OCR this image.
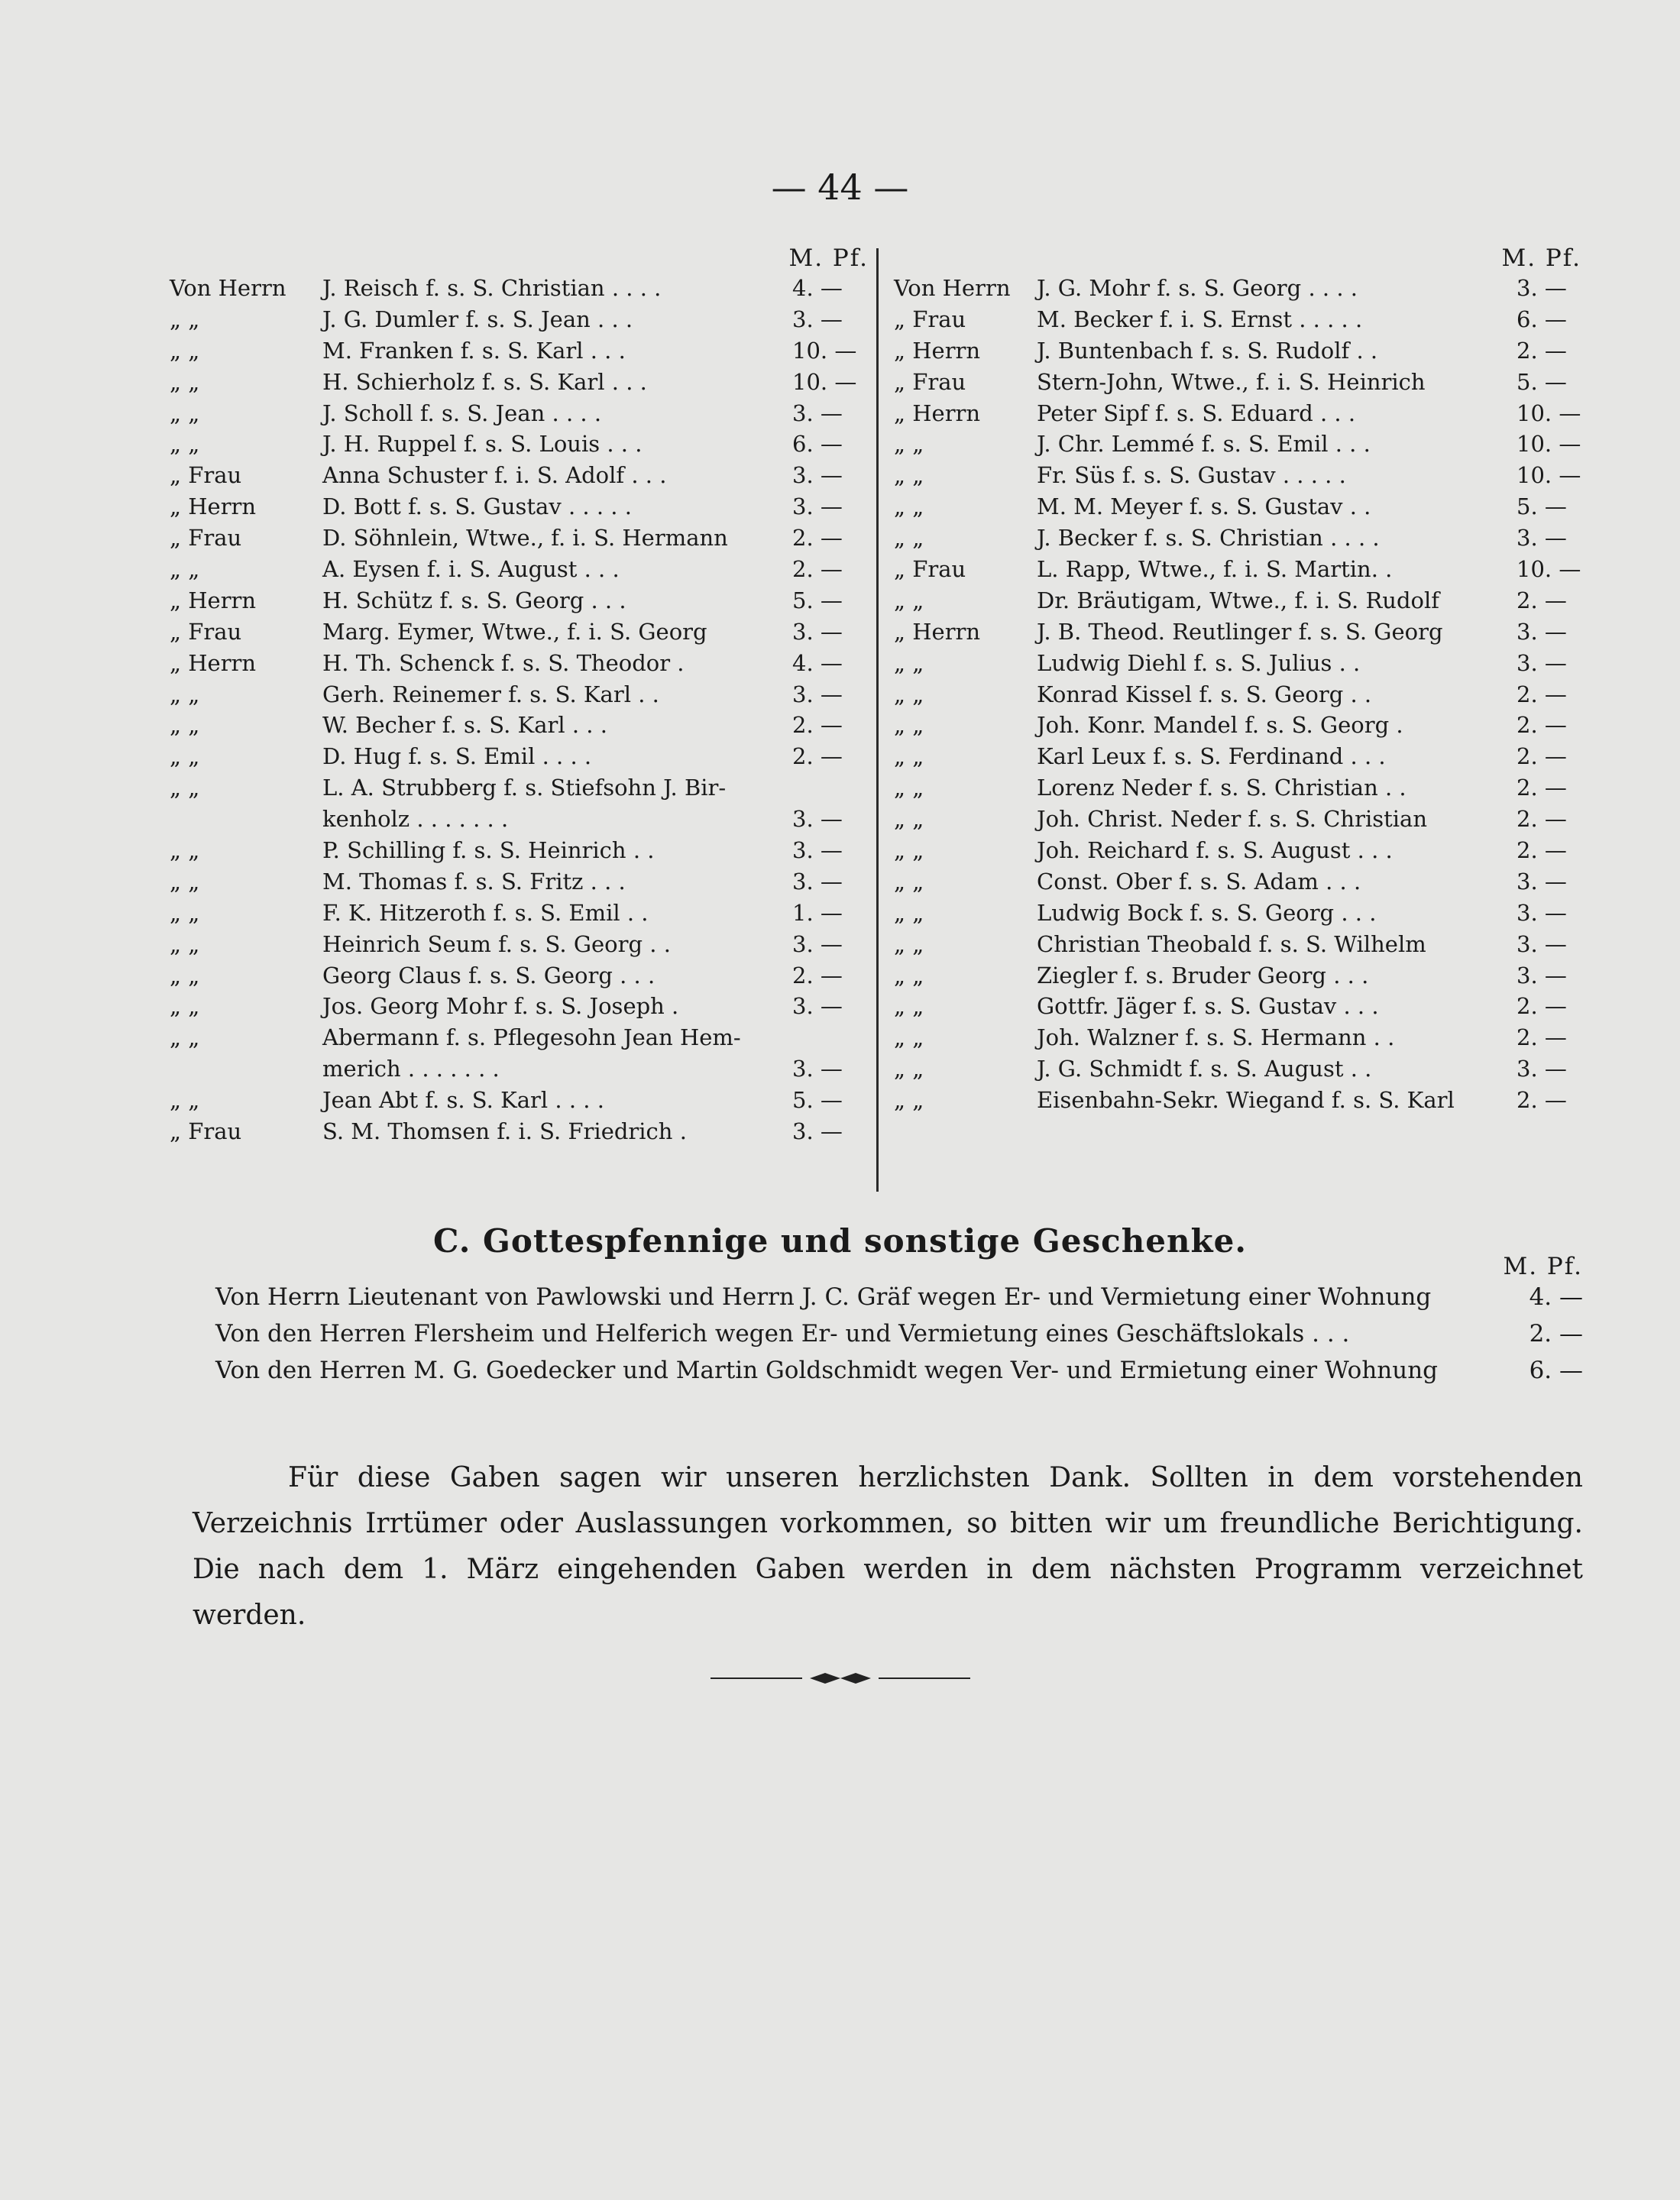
— 44 —
M. Pf.
Von Herrn J. Reisch f. s. S. Christian . . . .	4. —
„ „	J. G. Dumler f. s. S. Jean . . .	3. —
„ „	M. Franken f. s. S. Karl . . .	10. —
„ „	H. Schierholz f. s. S. Karl . . .	10. —
„ „	J. Scholl f. s. S. Jean . . . .	3. —
„ „	J. H. Ruppel f. s. S. Louis . . .	6. —
„ Frau	Anna Schuster f. i. S. Adolf . . .	3. —
„ Herrn	D. Bott f. s. S. Gustav . . . . .	3. —
„ Frau	D. Söhnlein, Wtwe., f. i. S. Hermann	2. —
„ „	A. Eysen f. i. S. August . . .	2. —
„ Herrn	H. Schütz f. s. S. Georg . . .	5. —
„ Frau	Marg. Eymer, Wtwe., f. i. S. Georg	3. —
„ Herrn	H. Th. Schenck f. s. S. Theodor .	4. —
„ „	Gerh. Reinemer f. s. S. Karl . .	3. —
„ „	W. Becher f. s. S. Karl . . .	2. —
„ „	D. Hug f. s. S. Emil . . . .	2. —
„ „	L. A. Strubberg f. s. Stiefsohn J. Bir-
kenholz . . . . . . .	3. —
„ „	P. Schilling f. s. S. Heinrich . .	3. —
„ „	M. Thomas f. s. S. Fritz . . .	3. —
„ „	F. K. Hitzeroth f. s. S. Emil . .	1. —
„ „	Heinrich Seum f. s. S. Georg . .	3. —
„ „	Georg Claus f. s. S. Georg . . .	2. —
„ „	Jos. Georg Mohr f. s. S. Joseph .	3. —
„ „	Abermann f. s. Pflegesohn Jean Hem-
merich . . . . . . .	3. —
„ „	Jean Abt f. s. S. Karl . . . .	5. —
„ Frau	S. M. Thomsen f. i. S. Friedrich .	3. —
M. Pf.
Von Herrn J. G. Mohr f. s. S. Georg . . . .	3. —
„ Frau	M. Becker f. i. S. Ernst . . . . .	6. —
„ Herrn	J. Buntenbach f. s. S. Rudolf . .	2. —
„ Frau	Stern-John, Wtwe., f. i. S. Heinrich	5. —
„ Herrn	Peter Sipf f. s. S. Eduard . . .	10. —
„ „	J. Chr. Lemmé f. s. S. Emil . . .	10. —
„ „	Fr. Süs f. s. S. Gustav . . . . .	10. —
„ „	M. M. Meyer f. s. S. Gustav . .	5. —
„ „	J. Becker f. s. S. Christian . . . .	3. —
„ Frau	L. Rapp, Wtwe., f. i. S. Martin. .	10. —
„ „	Dr. Bräutigam, Wtwe., f. i. S. Rudolf	2. —
„ Herrn	J. B. Theod. Reutlinger f. s. S. Georg	3. —
„ „	Ludwig Diehl f. s. S. Julius . .	3. —
„ „	Konrad Kissel f. s. S. Georg . .	2. —
„ „	Joh. Konr. Mandel f. s. S. Georg .	2. —
„ „	Karl Leux f. s. S. Ferdinand . . .	2. —
„ „	Lorenz Neder f. s. S. Christian . .	2. —
„ „	Joh. Christ. Neder f. s. S. Christian	2. —
„ „	Joh. Reichard f. s. S. August . . .	2. —
„ „	Const. Ober f. s. S. Adam . . .	3. —
„ „	Ludwig Bock f. s. S. Georg . . .	3. —
„ „	Christian Theobald f. s. S. Wilhelm	3. —
„ „	Ziegler f. s. Bruder Georg . . .	3. —
„ „	Gottfr. Jäger f. s. S. Gustav . . .	2. —
„ „	Joh. Walzner f. s. S. Hermann . .	2. —
„ „	J. G. Schmidt f. s. S. August . .	3. —
„ „	Eisenbahn-Sekr. Wiegand f. s. S. Karl	2. —
C. Gottespfennige und sonstige Geschenke.
M. Pf.
Von Herrn Lieutenant von Pawlowski und Herrn J. C. Gräf wegen Er- und Vermietung einer Wohnung	4. —
Von den Herren Flersheim und Helferich wegen Er- und Vermietung eines Geschäftslokals . . .	2. —
Von den Herren M. G. Goedecker und Martin Goldschmidt wegen Ver- und Ermietung einer Wohnung	6. —

Für diese Gaben sagen wir unseren herzlichsten Dank. Sollten in dem vorstehenden Verzeichnis Irrtümer oder Auslassungen vorkommen, so bitten wir um freundliche Berichtigung. Die nach dem 1. März eingehenden Gaben werden in dem nächsten Programm verzeichnet werden.
